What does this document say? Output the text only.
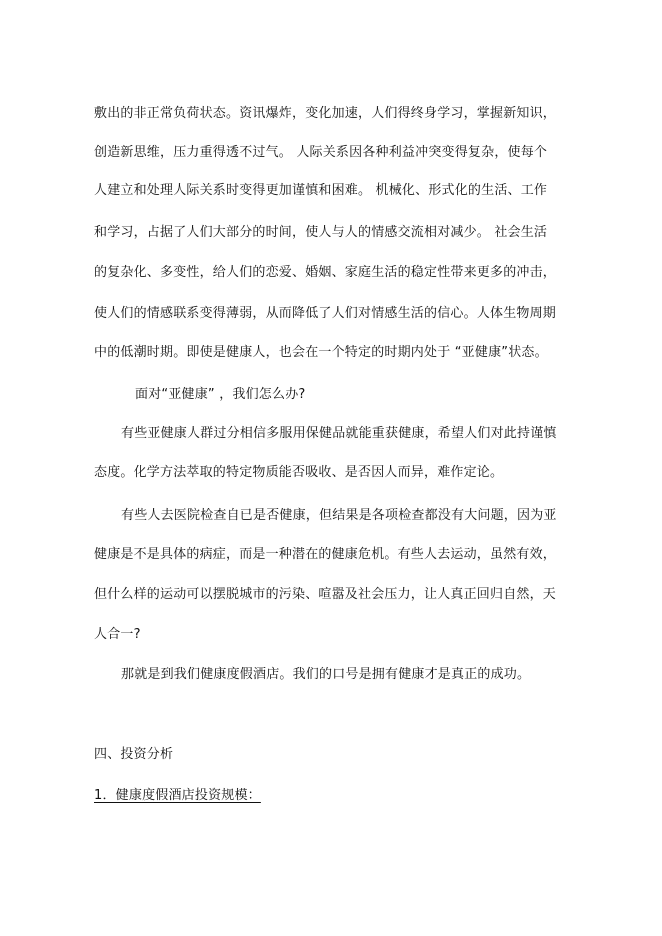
敷出的非正常负荷状态。资讯爆炸，变化加速，人们得终身学习，掌握新知识，
创造新思维，压力重得透不过气。 人际关系因各种利益冲突变得复杂，使每个
人建立和处理人际关系时变得更加谨慎和困难。 机械化、形式化的生活、工作
和学习，占据了人们大部分的时间，使人与人的情感交流相对减少。 社会生活
的复杂化、多变性，给人们的恋爱、婚姻、家庭生活的稳定性带来更多的冲击，
使人们的情感联系变得薄弱，从而降低了人们对情感生活的信心。人体生物周期
中的低潮时期。即使是健康人，也会在一个特定的时期内处于 “亚健康”状态。
面对“亚健康” ，我们怎么办?
有些亚健康人群过分相信多服用保健品就能重获健康，希望人们对此持谨慎
态度。化学方法萃取的特定物质能否吸收、是否因人而异，难作定论。
有些人去医院检查自已是否健康，但结果是各项检查都没有大问题，因为亚
健康是不是具体的病症，而是一种潜在的健康危机。有些人去运动，虽然有效，
但什么样的运动可以摆脱城市的污染、喧嚣及社会压力，让人真正回归自然，天
人合一?
那就是到我们健康度假酒店。我们的口号是拥有健康才是真正的成功。
四、投资分析
1．健康度假酒店投资规模：
